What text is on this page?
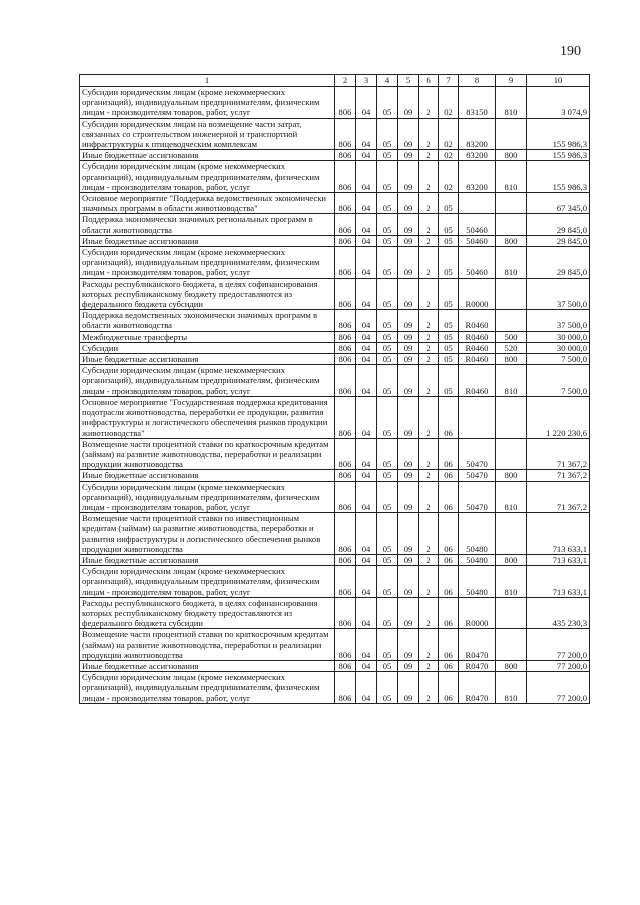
190
1	2	3	4	5	6	7	8	9	10
Субсидии юридическим лицам (кроме некоммерческих организаций), индивидуальным предпринимателям, физическим лицам - производителям товаров, работ, услуг	806	04	05	09	2	02	83150	810	3 074,9
Субсидии юридическим лицам на возмещение части затрат, связанных со строительством инженерной и транспортной инфраструктуры к птицеводческим комплексам	806	04	05	09	2	02	83200		155 986,3
Иные бюджетные ассигнования	806	04	05	09	2	02	83200	800	155 986,3
Субсидии юридическим лицам (кроме некоммерческих организаций), индивидуальным предпринимателям, физическим лицам - производителям товаров, работ, услуг	806	04	05	09	2	02	83200	810	155 986,3
Основное мероприятие "Поддержка ведомственных экономически значимых программ в области животноводства"	806	04	05	09	2	05			67 345,0
Поддержка экономически значимых региональных программ в области животноводства	806	04	05	09	2	05	50460		29 845,0
Иные бюджетные ассигнования	806	04	05	09	2	05	50460	800	29 845,0
Субсидии юридическим лицам (кроме некоммерческих организаций), индивидуальным предпринимателям, физическим лицам - производителям товаров, работ, услуг	806	04	05	09	2	05	50460	810	29 845,0
Расходы республиканского бюджета, в целях софинансирования которых республиканскому бюджету предоставляются из федерального бюджета субсидии	806	04	05	09	2	05	R0000		37 500,0
Поддержка ведомственных экономически значимых программ в области животноводства	806	04	05	09	2	05	R0460		37 500,0
Межбюджетные трансферты	806	04	05	09	2	05	R0460	500	30 000,0
Субсидии	806	04	05	09	2	05	R0460	520	30 000,0
Иные бюджетные ассигнования	806	04	05	09	2	05	R0460	800	7 500,0
Субсидии юридическим лицам (кроме некоммерческих организаций), индивидуальным предпринимателям, физическим лицам - производителям товаров, работ, услуг	806	04	05	09	2	05	R0460	810	7 500,0
Основное мероприятие "Государственная поддержка кредитования подотрасли животноводства, переработки ее продукции, развития инфраструктуры и логистического обеспечения рынков продукции животноводства"	806	04	05	09	2	06			1 220 230,6
Возмещение части процентной ставки по краткосрочным кредитам (займам) на развитие животноводства, переработки и реализации продукции животноводства	806	04	05	09	2	06	50470		71 367,2
Иные бюджетные ассигнования	806	04	05	09	2	06	50470	800	71 367,2
Субсидии юридическим лицам (кроме некоммерческих организаций), индивидуальным предпринимателям, физическим лицам - производителям товаров, работ, услуг	806	04	05	09	2	06	50470	810	71 367,2
Возмещение части процентной ставки по инвестиционным кредитам (займам) на развитие животноводства, переработки и развития инфраструктуры и логистического обеспечения рынков продукции животноводства	806	04	05	09	2	06	50480		713 633,1
Иные бюджетные ассигнования	806	04	05	09	2	06	50480	800	713 633,1
Субсидии юридическим лицам (кроме некоммерческих организаций), индивидуальным предпринимателям, физическим лицам - производителям товаров, работ, услуг	806	04	05	09	2	06	50480	810	713 633,1
Расходы республиканского бюджета, в целях софинансирования которых республиканскому бюджету предоставляются из федерального бюджета субсидии	806	04	05	09	2	06	R0000		435 230,3
Возмещение части процентной ставки по краткосрочным кредитам (займам) на развитие животноводства, переработки и реализации продукции животноводства	806	04	05	09	2	06	R0470		77 200,0
Иные бюджетные ассигнования	806	04	05	09	2	06	R0470	800	77 200,0
Субсидии юридическим лицам (кроме некоммерческих организаций), индивидуальным предпринимателям, физическим лицам - производителям товаров, работ, услуг	806	04	05	09	2	06	R0470	810	77 200,0
